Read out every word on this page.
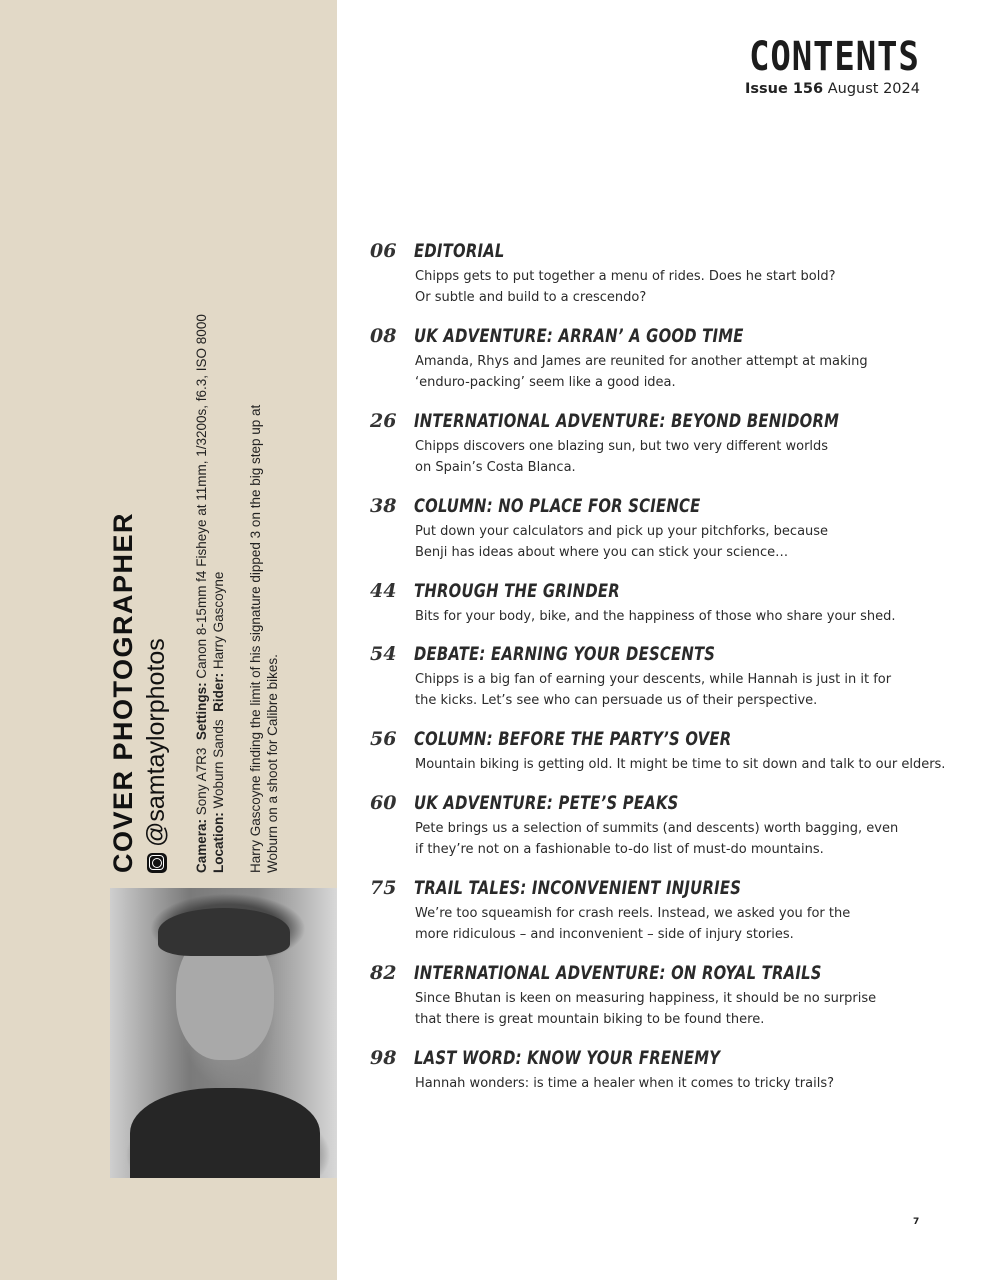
COVER PHOTOGRAPHER @samtaylorphotos Camera: Sony A7R3  Settings: Canon 8-15mm f4 Fisheye at 11mm, 1/3200s, f6.3, ISO 8000
Location: Woburn Sands  Rider: Harry Gascoyne Harry Gascoyne finding the limit of his signature dipped 3 on the big step up at Woburn on a shoot for Calibre bikes.
CONTENTS
Issue 156 August 2024
06 EDITORIAL
Chipps gets to put together a menu of rides. Does he start bold?
Or subtle and build to a crescendo?
08 UK ADVENTURE: ARRAN’ A GOOD TIME
Amanda, Rhys and James are reunited for another attempt at making
‘enduro-packing’ seem like a good idea.
26 INTERNATIONAL ADVENTURE: BEYOND BENIDORM
Chipps discovers one blazing sun, but two very different worlds
on Spain’s Costa Blanca.
38 COLUMN: NO PLACE FOR SCIENCE
Put down your calculators and pick up your pitchforks, because
Benji has ideas about where you can stick your science…
44 THROUGH THE GRINDER
Bits for your body, bike, and the happiness of those who share your shed.
54 DEBATE: EARNING YOUR DESCENTS
Chipps is a big fan of earning your descents, while Hannah is just in it for
the kicks. Let’s see who can persuade us of their perspective.
56 COLUMN: BEFORE THE PARTY’S OVER
Mountain biking is getting old. It might be time to sit down and talk to our elders.
60 UK ADVENTURE: PETE’S PEAKS
Pete brings us a selection of summits (and descents) worth bagging, even
if they’re not on a fashionable to-do list of must-do mountains.
75 TRAIL TALES: INCONVENIENT INJURIES
We’re too squeamish for crash reels. Instead, we asked you for the
more ridiculous – and inconvenient – side of injury stories.
82 INTERNATIONAL ADVENTURE: ON ROYAL TRAILS
Since Bhutan is keen on measuring happiness, it should be no surprise
that there is great mountain biking to be found there.
98 LAST WORD: KNOW YOUR FRENEMY
Hannah wonders: is time a healer when it comes to tricky trails?
7
